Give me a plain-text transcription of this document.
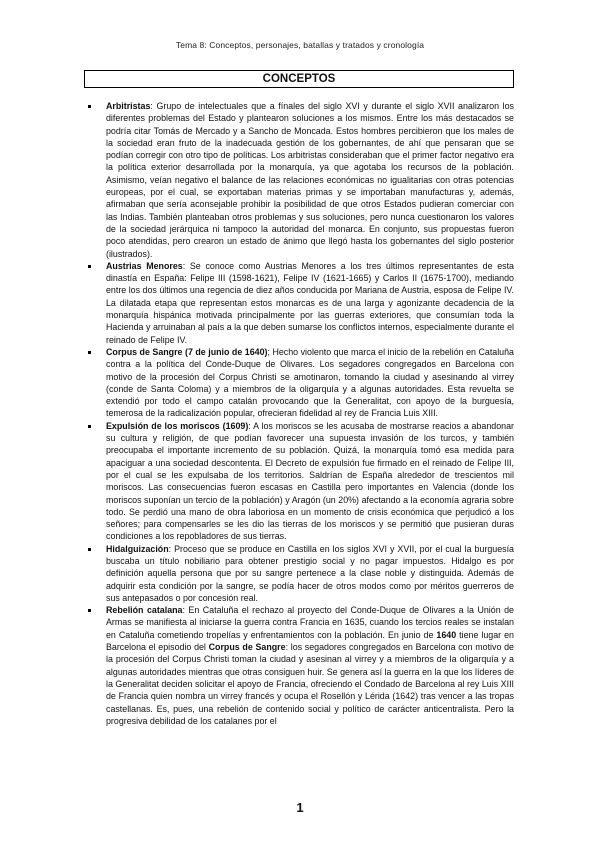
Tema 8: Conceptos, personajes, batallas y tratados y cronología
CONCEPTOS

Arbitristas: Grupo de intelectuales que a fínales del siglo XVI y durante el siglo XVII analizaron los diferentes problemas del Estado y plantearon soluciones a los mismos. Entre los más destacados se podría citar Tomás de Mercado y a Sancho de Moncada. Estos hombres percibieron que los males de la sociedad eran fruto de la inadecuada gestión de los gobernantes, de ahí que pensaran que se podían corregir con otro tipo de políticas. Los arbitristas consideraban que el primer factor negativo era la política exterior desarrollada por la monarquía, ya que agotaba los recursos de la población. Asimismo, veían negativo el balance de las relaciones económicas no igualitarias con otras potencias europeas, por el cual, se exportaban materias primas y se importaban manufacturas y, además, afirmaban que sería aconsejable prohibir la posibilidad de que otros Estados pudieran comerciar con las Indias. También planteaban otros problemas y sus soluciones, pero nunca cuestionaron los valores de la sociedad jerárquica ni tampoco la autoridad del monarca. En conjunto, sus propuestas fueron poco atendidas, pero crearon un estado de ánimo que llegó hasta los gobernantes del siglo posterior (ilustrados).

Austrias Menores: Se conoce como Austrias Menores a los tres últimos representantes de esta dinastía en España: Felipe III (1598-1621), Felipe IV (1621-1665) y Carlos II (1675-1700), mediando entre los dos últimos una regencia de diez años conducida por Mariana de Austria, esposa de Felipe IV. La dilatada etapa que representan estos monarcas es de una larga y agonizante decadencia de la monarquía hispánica motivada principalmente por las guerras exteriores, que consumían toda la Hacienda y arruinaban al país a la que deben sumarse los conflictos internos, especialmente durante el reinado de Felipe IV.

Corpus de Sangre (7 de junio de 1640); Hecho violento que marca el inicio de la rebelión en Cataluña contra a la política del Conde-Duque de Olivares. Los segadores congregados en Barcelona con motivo de la procesión del Corpus Christi se amotinaron, tomando la ciudad y asesinando al virrey (conde de Santa Coloma) y a miembros de la oligarquía y a algunas autoridades. Esta revuelta se extendió por todo el campo catalán provocando que la Generalitat, con apoyo de la burguesía, temerosa de la radicalización popular, ofrecieran fidelidad al rey de Francia Luis XIII.

Expulsión de los moriscos (1609): A los moriscos se les acusaba de mostrarse reacios a abandonar su cultura y religión, de que podían favorecer una supuesta invasión de los turcos, y también preocupaba el importante incremento de su población. Quizá, la monarquía tomó esa medida para apaciguar a una sociedad descontenta. El Decreto de expulsión fue firmado en el reinado de Felipe III, por el cual se les expulsaba de los territorios. Saldrían de España alrededor de trescientos mil moriscos. Las consecuencias fueron escasas en Castilla pero importantes en Valencia (donde los moriscos suponían un tercio de la población) y Aragón (un 20%) afectando a la economía agraria sobre todo. Se perdió una mano de obra laboriosa en un momento de crisis económica que perjudicó a los señores; para compensarles se les dio las tierras de los moriscos y se permitió que pusieran duras condiciones a los repobladores de sus tierras.

Hidalguización: Proceso que se produce en Castilla en los siglos XVI y XVII, por el cual la burguesía buscaba un título nobiliario para obtener prestigio social y no pagar impuestos. Hidalgo es por definición aquella persona que por su sangre pertenece a la clase noble y distinguida. Además de adquirir esta condición por la sangre, se podía hacer de otros modos como por méritos guerreros de sus antepasados o por concesión real.

Rebelión catalana: En Cataluña el rechazo al proyecto del Conde-Duque de Olivares a la Unión de Armas se manifiesta al iniciarse la guerra contra Francia en 1635, cuando los tercios reales se instalan en Cataluña cometiendo tropelías y enfrentamientos con la población. En junio de 1640 tiene lugar en Barcelona el episodio del Corpus de Sangre: los segadores congregados en Barcelona con motivo de la procesión del Corpus Christi toman la ciudad y asesinan al virrey y a miembros de la oligarquía y a algunas autoridades mientras que otras consiguen huir. Se genera así la guerra en la que los líderes de la Generalitat deciden solicitar el apoyo de Francia, ofreciendo el Condado de Barcelona al rey Luis XIII de Francia quien nombra un virrey francés y ocupa el Rosellón y Lérida (1642) tras vencer a las tropas castellanas. Es, pues, una rebelión de contenido social y político de carácter anticentralista. Pero la progresiva debilidad de los catalanes por el

1
